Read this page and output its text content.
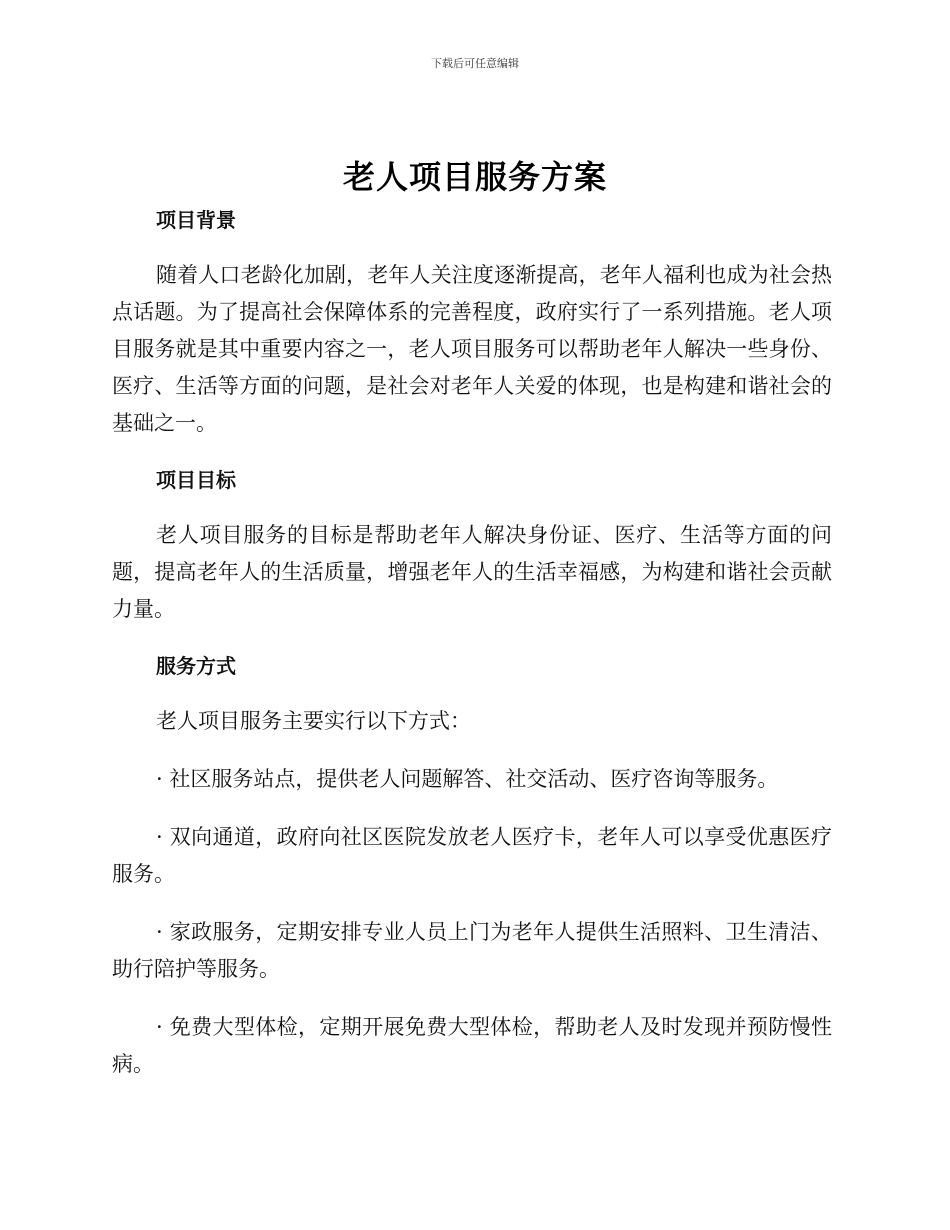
下载后可任意编辑
老人项目服务方案

项目背景

随着人口老龄化加剧，老年人关注度逐渐提高，老年人福利也成为社会热点话题。为了提高社会保障体系的完善程度，政府实行了一系列措施。老人项目服务就是其中重要内容之一，老人项目服务可以帮助老年人解决一些身份、医疗、生活等方面的问题，是社会对老年人关爱的体现，也是构建和谐社会的基础之一。

项目目标

老人项目服务的目标是帮助老年人解决身份证、医疗、生活等方面的问题，提高老年人的生活质量，增强老年人的生活幸福感，为构建和谐社会贡献力量。

服务方式

老人项目服务主要实行以下方式：

· 社区服务站点，提供老人问题解答、社交活动、医疗咨询等服务。

· 双向通道，政府向社区医院发放老人医疗卡，老年人可以享受优惠医疗服务。

· 家政服务，定期安排专业人员上门为老年人提供生活照料、卫生清洁、助行陪护等服务。

· 免费大型体检，定期开展免费大型体检，帮助老人及时发现并预防慢性病。
